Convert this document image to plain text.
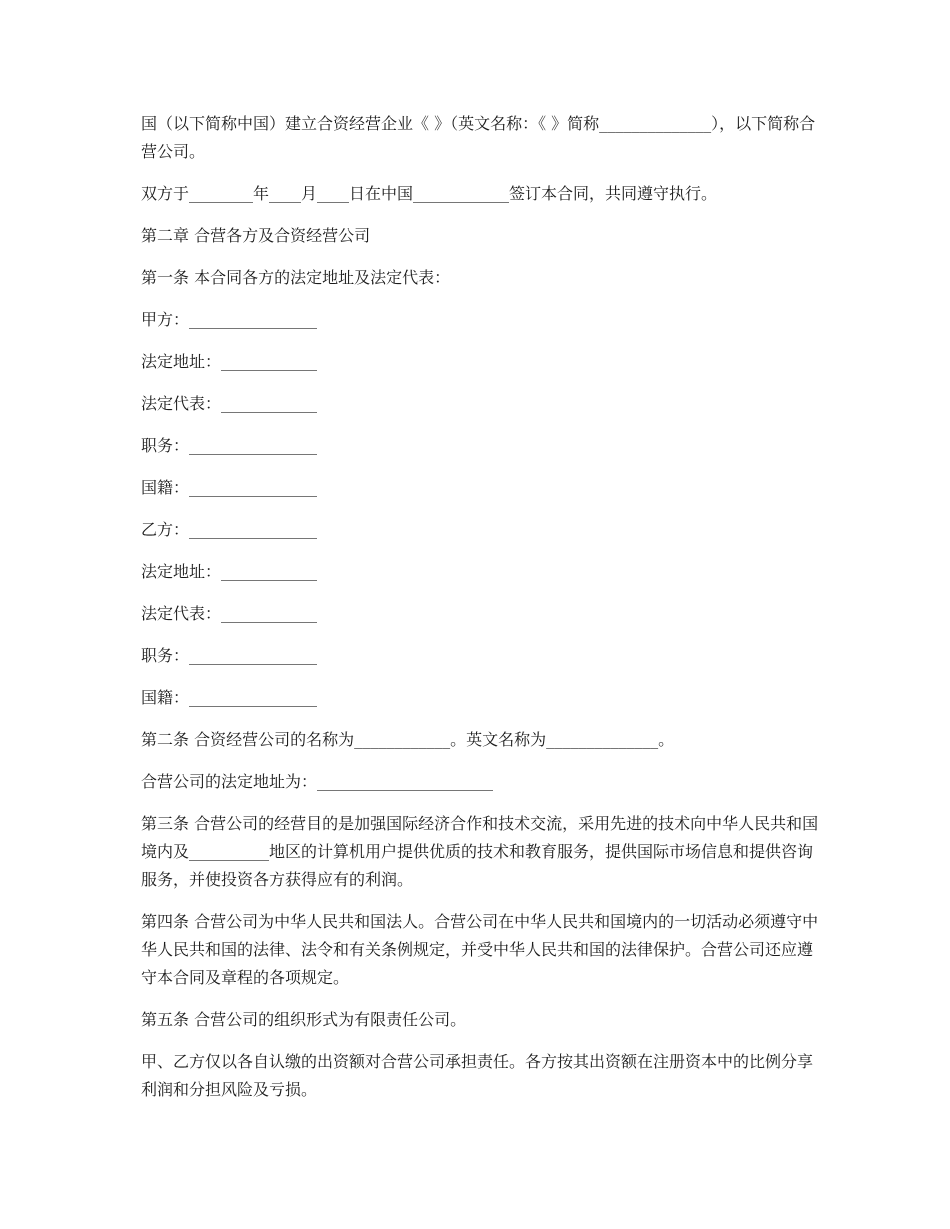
国（以下简称中国）建立合资经营企业《 》（英文名称：《 》简称______________），以下简称合营公司。

双方于________年____月____日在中国____________签订本合同，共同遵守执行。

第二章 合营各方及合资经营公司

第一条 本合同各方的法定地址及法定代表：

甲方：________________

法定地址：____________

法定代表：____________

职务：________________

国籍：________________

乙方：________________

法定地址：____________

法定代表：____________

职务：________________

国籍：________________

第二条 合资经营公司的名称为____________。英文名称为______________。

合营公司的法定地址为：______________________

第三条 合营公司的经营目的是加强国际经济合作和技术交流，采用先进的技术向中华人民共和国境内及__________地区的计算机用户提供优质的技术和教育服务，提供国际市场信息和提供咨询服务，并使投资各方获得应有的利润。

第四条 合营公司为中华人民共和国法人。合营公司在中华人民共和国境内的一切活动必须遵守中华人民共和国的法律、法令和有关条例规定，并受中华人民共和国的法律保护。合营公司还应遵守本合同及章程的各项规定。

第五条 合营公司的组织形式为有限责任公司。

甲、乙方仅以各自认缴的出资额对合营公司承担责任。各方按其出资额在注册资本中的比例分享利润和分担风险及亏损。
